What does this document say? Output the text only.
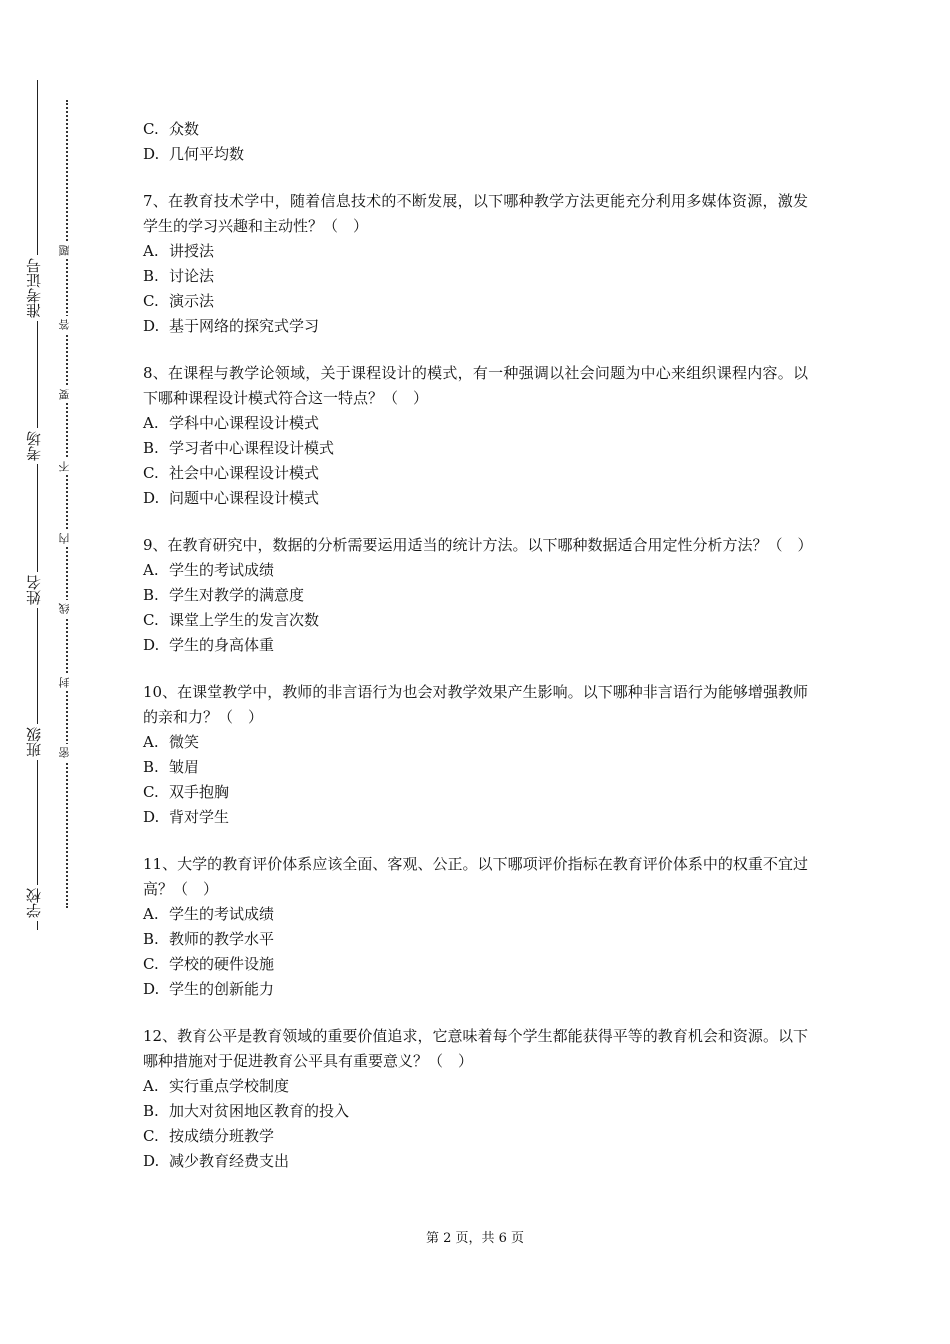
准考证号
考场
姓名
班级
学校
题
答
要
不
内
线
封
密
C. 众数
D. 几何平均数
7、在教育技术学中，随着信息技术的不断发展，以下哪种教学方法更能充分利用多媒体资源，激发学生的学习兴趣和主动性？（　）
A. 讲授法
B. 讨论法
C. 演示法
D. 基于网络的探究式学习
8、在课程与教学论领域，关于课程设计的模式，有一种强调以社会问题为中心来组织课程内容。以下哪种课程设计模式符合这一特点？（　）
A. 学科中心课程设计模式
B. 学习者中心课程设计模式
C. 社会中心课程设计模式
D. 问题中心课程设计模式
9、在教育研究中，数据的分析需要运用适当的统计方法。以下哪种数据适合用定性分析方法？（　）
A. 学生的考试成绩
B. 学生对教学的满意度
C. 课堂上学生的发言次数
D. 学生的身高体重
10、在课堂教学中，教师的非言语行为也会对教学效果产生影响。以下哪种非言语行为能够增强教师的亲和力？（　）
A. 微笑
B. 皱眉
C. 双手抱胸
D. 背对学生
11、大学的教育评价体系应该全面、客观、公正。以下哪项评价指标在教育评价体系中的权重不宜过高？（　）
A. 学生的考试成绩
B. 教师的教学水平
C. 学校的硬件设施
D. 学生的创新能力
12、教育公平是教育领域的重要价值追求，它意味着每个学生都能获得平等的教育机会和资源。以下哪种措施对于促进教育公平具有重要意义？（　）
A. 实行重点学校制度
B. 加大对贫困地区教育的投入
C. 按成绩分班教学
D. 减少教育经费支出
第 2 页，共 6 页
